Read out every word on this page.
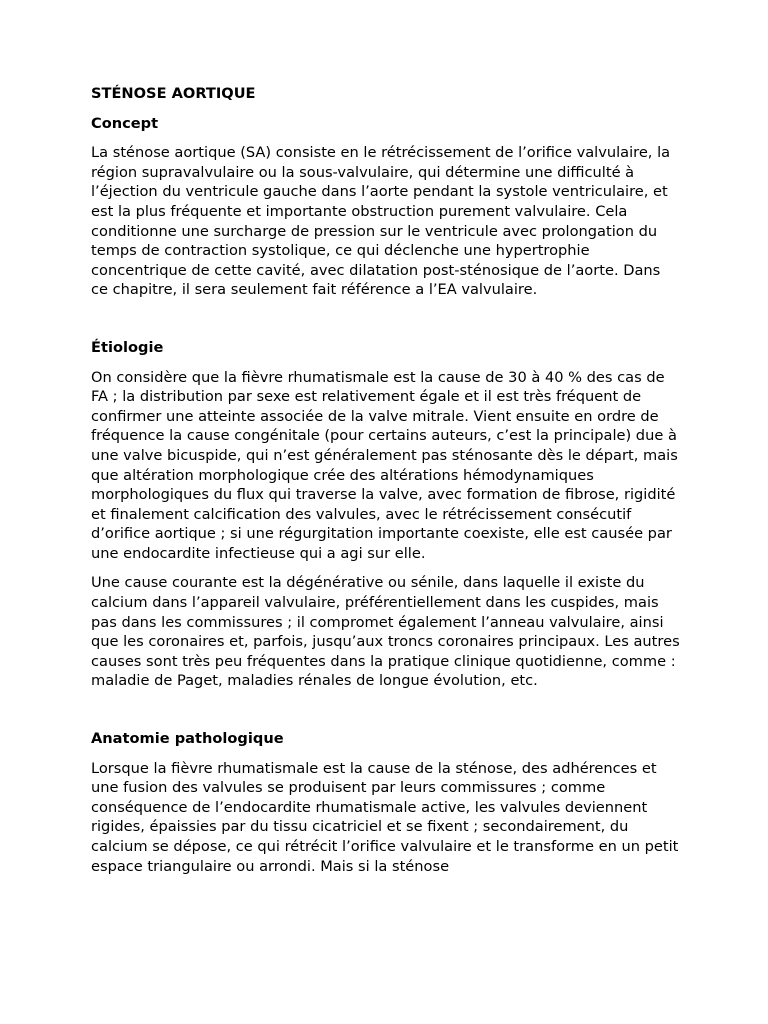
STÉNOSE AORTIQUE
Concept
La sténose aortique (SA) consiste en le rétrécissement de l’orifice valvulaire, la région supravalvulaire ou la sous-valvulaire, qui détermine une difficulté à l’éjection du ventricule gauche dans l’aorte pendant la systole ventriculaire, et est la plus fréquente et importante obstruction purement valvulaire. Cela conditionne une surcharge de pression sur le ventricule avec prolongation du temps de contraction systolique, ce qui déclenche une hypertrophie concentrique de cette cavité, avec dilatation post-sténosique de l’aorte. Dans ce chapitre, il sera seulement fait référence a l’EA valvulaire.
Étiologie
On considère que la fièvre rhumatismale est la cause de 30 à 40 % des cas de FA ; la distribution par sexe est relativement égale et il est très fréquent de confirmer une atteinte associée de la valve mitrale. Vient ensuite en ordre de fréquence la cause congénitale (pour certains auteurs, c’est la principale) due à une valve bicuspide, qui n’est généralement pas sténosante dès le départ, mais que altération morphologique crée des altérations hémodynamiques morphologiques du flux qui traverse la valve, avec formation de fibrose, rigidité et finalement calcification des valvules, avec le rétrécissement consécutif d’orifice aortique ; si une régurgitation importante coexiste, elle est causée par une endocardite infectieuse qui a agi sur elle.
Une cause courante est la dégénérative ou sénile, dans laquelle il existe du calcium dans l’appareil valvulaire, préférentiellement dans les cuspides, mais pas dans les commissures ; il compromet également l’anneau valvulaire, ainsi que les coronaires et, parfois, jusqu’aux troncs coronaires principaux. Les autres causes sont très peu fréquentes dans la pratique clinique quotidienne, comme : maladie de Paget, maladies rénales de longue évolution, etc.
Anatomie pathologique
Lorsque la fièvre rhumatismale est la cause de la sténose, des adhérences et une fusion des valvules se produisent par leurs commissures ; comme conséquence de l’endocardite rhumatismale active, les valvules deviennent rigides, épaissies par du tissu cicatriciel et se fixent ; secondairement, du calcium se dépose, ce qui rétrécit l’orifice valvulaire et le transforme en un petit espace triangulaire ou arrondi. Mais si la sténose
